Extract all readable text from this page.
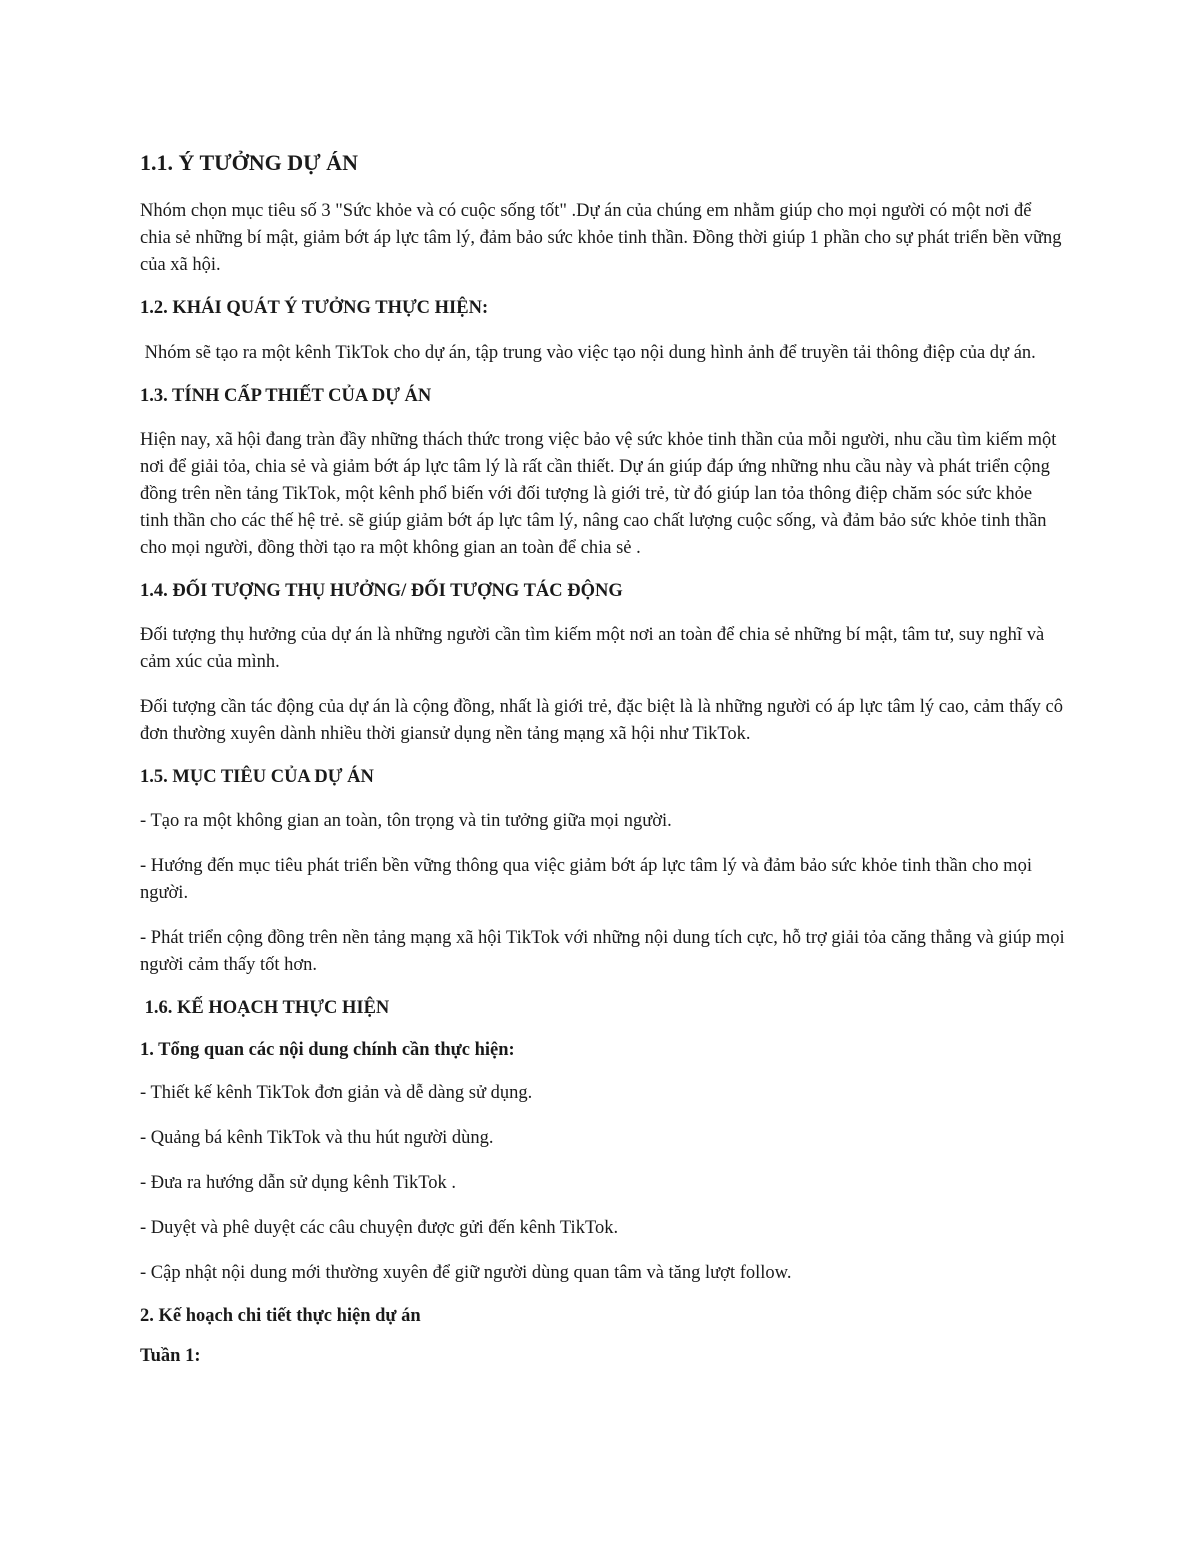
1.1. Ý TƯỞNG DỰ ÁN
Nhóm chọn mục tiêu số 3 "Sức khỏe và có cuộc sống tốt" .Dự án của chúng em nhằm giúp cho mọi người có một nơi để chia sẻ những bí mật, giảm bớt áp lực tâm lý, đảm bảo sức khỏe tinh thần. Đồng thời giúp 1 phần cho sự phát triển bền vững của xã hội.
1.2. KHÁI QUÁT Ý TƯỞNG THỰC HIỆN:
Nhóm sẽ tạo ra một kênh TikTok cho dự án, tập trung vào việc tạo nội dung hình ảnh để truyền tải thông điệp của dự án.
1.3. TÍNH CẤP THIẾT CỦA DỰ ÁN
Hiện nay, xã hội đang tràn đầy những thách thức trong việc bảo vệ sức khỏe tinh thần của mỗi người, nhu cầu tìm kiếm một nơi để giải tỏa, chia sẻ và giảm bớt áp lực tâm lý là rất cần thiết. Dự án giúp đáp ứng những nhu cầu này và phát triển cộng đồng trên nền tảng TikTok, một kênh phổ biến với đối tượng là giới trẻ, từ đó giúp lan tỏa thông điệp chăm sóc sức khỏe tinh thần cho các thế hệ trẻ. sẽ giúp giảm bớt áp lực tâm lý, nâng cao chất lượng cuộc sống, và đảm bảo sức khỏe tinh thần cho mọi người, đồng thời tạo ra một không gian an toàn để chia sẻ .
1.4. ĐỐI TƯỢNG THỤ HƯỞNG/ ĐỐI TƯỢNG TÁC ĐỘNG
Đối tượng thụ hưởng của dự án là những người cần tìm kiếm một nơi an toàn để chia sẻ những bí mật, tâm tư, suy nghĩ và cảm xúc của mình.
Đối tượng cần tác động của dự án là cộng đồng, nhất là giới trẻ, đặc biệt là là những người có áp lực tâm lý cao, cảm thấy cô đơn thường xuyên dành nhiều thời giansử dụng nền tảng mạng xã hội như TikTok.
1.5. MỤC TIÊU CỦA DỰ ÁN
- Tạo ra một không gian an toàn, tôn trọng và tin tưởng giữa mọi người.
- Hướng đến mục tiêu phát triển bền vững thông qua việc giảm bớt áp lực tâm lý và đảm bảo sức khỏe tinh thần cho mọi người.
- Phát triển cộng đồng trên nền tảng mạng xã hội TikTok với những nội dung tích cực, hỗ trợ giải tỏa căng thẳng và giúp mọi người cảm thấy tốt hơn.
1.6. KẾ HOẠCH THỰC HIỆN
1. Tổng quan các nội dung chính cần thực hiện:
- Thiết kế kênh TikTok đơn giản và dễ dàng sử dụng.
- Quảng bá kênh TikTok và thu hút người dùng.
- Đưa ra hướng dẫn sử dụng kênh TikTok .
- Duyệt và phê duyệt các câu chuyện được gửi đến kênh TikTok.
- Cập nhật nội dung mới thường xuyên để giữ người dùng quan tâm và tăng lượt follow.
2. Kế hoạch chi tiết thực hiện dự án
Tuần 1:
